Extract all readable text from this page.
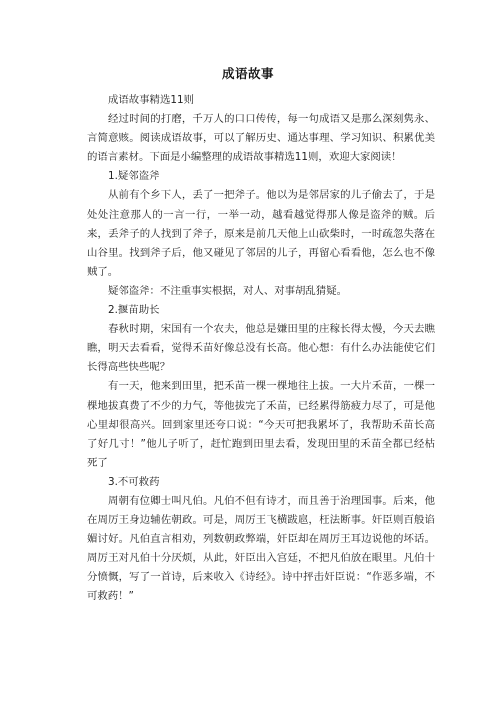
成语故事

成语故事精选11则

经过时间的打磨，千万人的口口传传，每一句成语又是那么深刻隽永、言简意赅。阅读成语故事，可以了解历史、通达事理、学习知识、积累优美的语言素材。下面是小编整理的成语故事精选11则，欢迎大家阅读！

1.疑邻盗斧

从前有个乡下人，丢了一把斧子。他以为是邻居家的儿子偷去了，于是处处注意那人的一言一行，一举一动，越看越觉得那人像是盗斧的贼。后来，丢斧子的人找到了斧子，原来是前几天他上山砍柴时，一时疏忽失落在山谷里。找到斧子后，他又碰见了邻居的儿子，再留心看看他，怎么也不像贼了。

疑邻盗斧：不注重事实根据，对人、对事胡乱猜疑。

2.揠苗助长

春秋时期，宋国有一个农夫，他总是嫌田里的庄稼长得太慢，今天去瞧瞧，明天去看看，觉得禾苗好像总没有长高。他心想：有什么办法能使它们长得高些快些呢？

有一天，他来到田里，把禾苗一棵一棵地往上拔。一大片禾苗，一棵一棵地拔真费了不少的力气，等他拔完了禾苗，已经累得筋疲力尽了，可是他心里却很高兴。回到家里还夸口说：“今天可把我累坏了，我帮助禾苗长高了好几寸！”他儿子听了，赶忙跑到田里去看，发现田里的禾苗全都已经枯死了

3.不可救药

周朝有位卿士叫凡伯。凡伯不但有诗才，而且善于治理国事。后来，他在周厉王身边辅佐朝政。可是，周厉王飞横跋扈，枉法断事。奸臣则百般谄媚讨好。凡伯直言相劝，列数朝政弊端，奸臣却在周厉王耳边说他的坏话。周厉王对凡伯十分厌烦，从此，奸臣出入宫廷，不把凡伯放在眼里。凡伯十分愤慨，写了一首诗，后来收入《诗经》。诗中抨击奸臣说：“作恶多端，不可救药！”
